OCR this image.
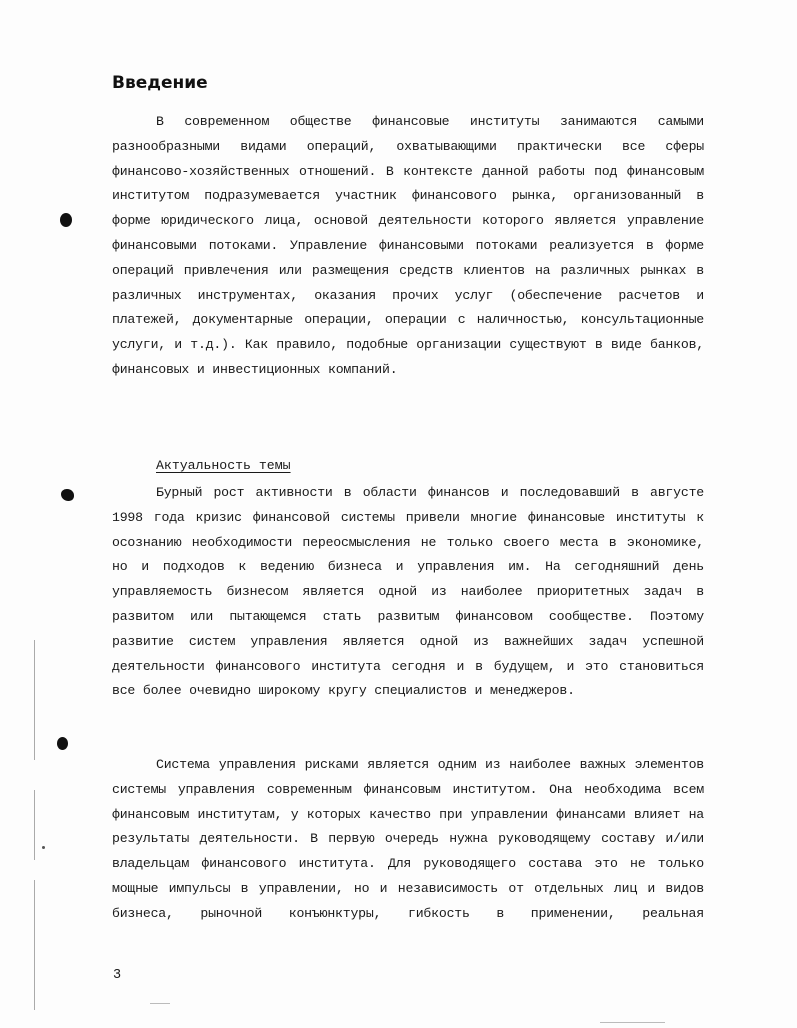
Введение

В современном обществе финансовые институты занимаются самыми разнообразными видами операций, охватывающими практически все сферы финансово-хозяйственных отношений. В контексте данной работы под финансовым институтом подразумевается участник финансового рынка, организованный в форме юридического лица, основой деятельности которого является управление финансовыми потоками. Управление финансовыми потоками реализуется в форме операций привлечения или размещения средств клиентов на различных рынках в различных инструментах, оказания прочих услуг (обеспечение расчетов и платежей, документарные операции, операции с наличностью, консультационные услуги, и т.д.). Как правило, подобные организации существуют в виде банков, финансовых и инвестиционных компаний.

Актуальность темы

Бурный рост активности в области финансов и последовавший в августе 1998 года кризис финансовой системы привели многие финансовые институты к осознанию необходимости переосмысления не только своего места в экономике, но и подходов к ведению бизнеса и управления им. На сегодняшний день управляемость бизнесом является одной из наиболее приоритетных задач в развитом или пытающемся стать развитым финансовом сообществе. Поэтому развитие систем управления является одной из важнейших задач успешной деятельности финансового института сегодня и в будущем, и это становиться все более очевидно широкому кругу специалистов и менеджеров.

Система управления рисками является одним из наиболее важных элементов системы управления современным финансовым институтом. Она необходима всем финансовым институтам, у которых качество при управлении финансами влияет на результаты деятельности. В первую очередь нужна руководящему составу и/или владельцам финансового института. Для руководящего состава это не только мощные импульсы в управлении, но и независимость от отдельных лиц и видов бизнеса, рыночной конъюнктуры, гибкость в применении, реальная

3
